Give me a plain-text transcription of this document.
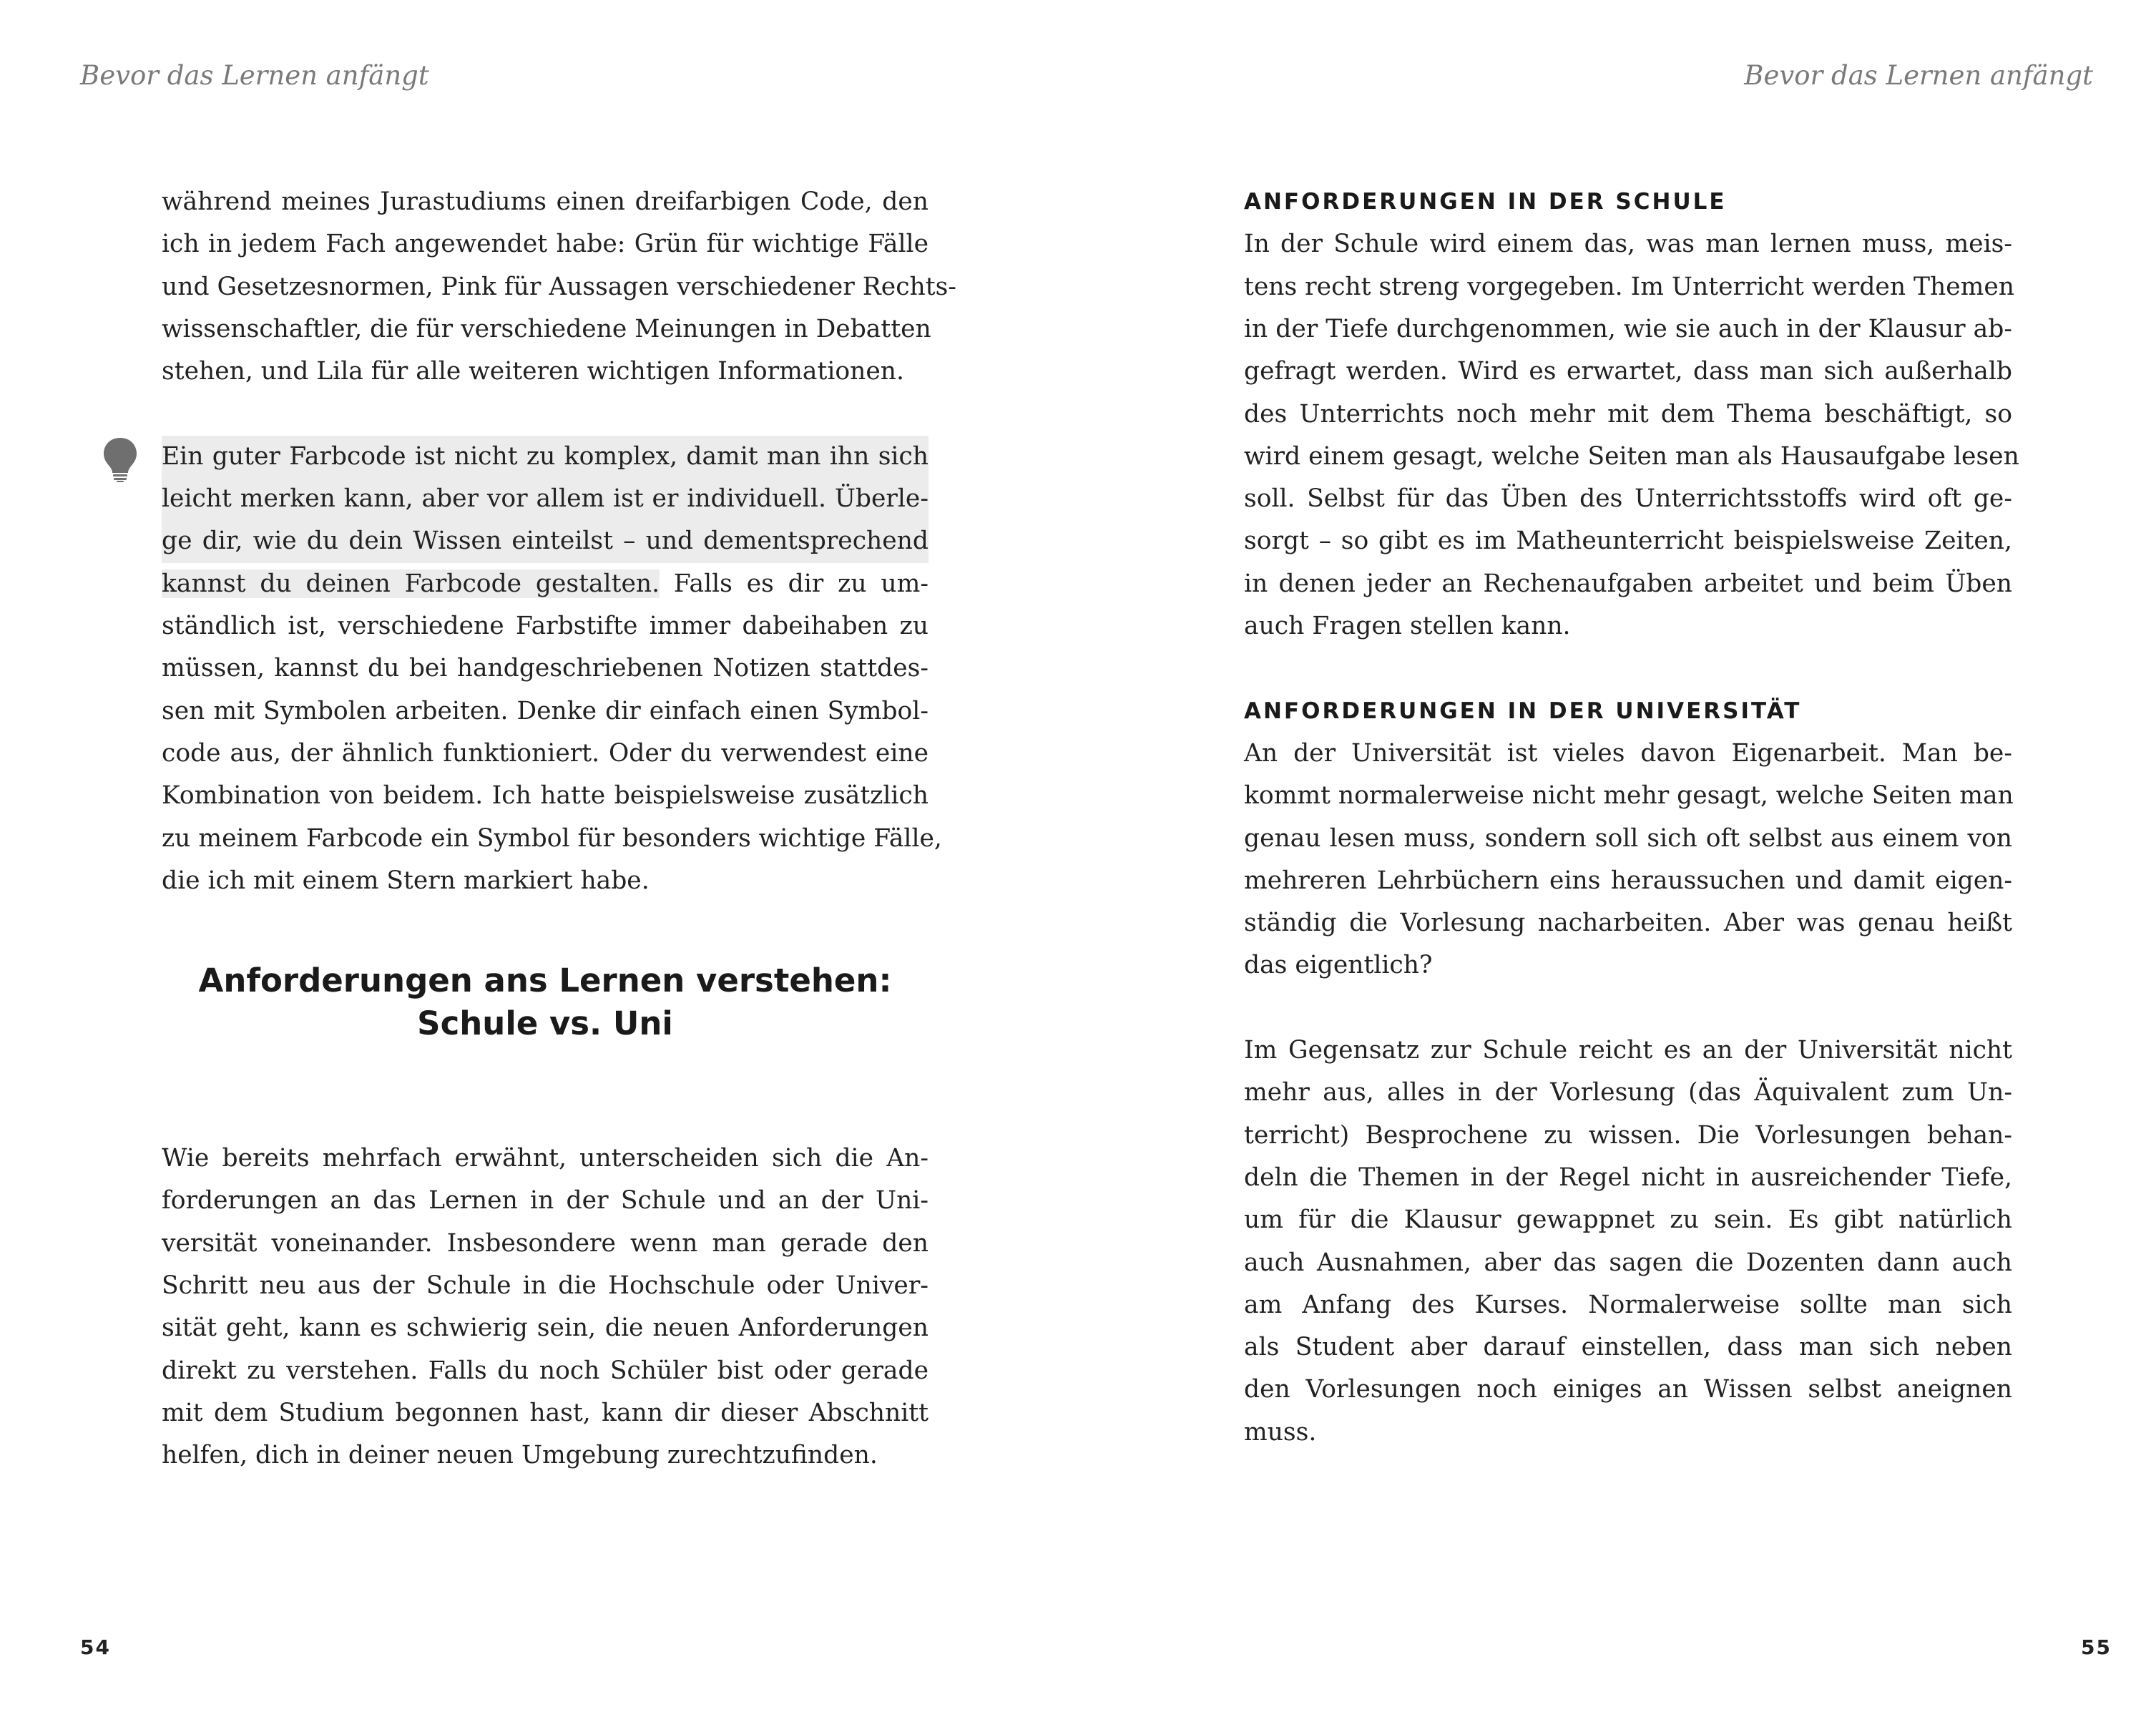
Bevor das Lernen anfängt
während meines Jurastudiums einen dreifarbigen Code, den
ich in jedem Fach angewendet habe: Grün für wichtige Fälle
und Gesetzesnormen, Pink für Aussagen verschiedener Rechts-
wissenschaftler, die für verschiedene Meinungen in Debatten
stehen, und Lila für alle weiteren wichtigen Informationen.
Ein guter Farbcode ist nicht zu komplex, damit man ihn sich
leicht merken kann, aber vor allem ist er individuell. Überle-
ge dir, wie du dein Wissen einteilst – und dementsprechend
kannst du deinen Farbcode gestalten. Falls es dir zu um-
ständlich ist, verschiedene Farbstifte immer dabeihaben zu
müssen, kannst du bei handgeschriebenen Notizen stattdes-
sen mit Symbolen arbeiten. Denke dir einfach einen Symbol-
code aus, der ähnlich funktioniert. Oder du verwendest eine
Kombination von beidem. Ich hatte beispielsweise zusätzlich
zu meinem Farbcode ein Symbol für besonders wichtige Fälle,
die ich mit einem Stern markiert habe.
Anforderungen ans Lernen verstehen:
Schule vs. Uni
Wie bereits mehrfach erwähnt, unterscheiden sich die An-
forderungen an das Lernen in der Schule und an der Uni-
versität voneinander. Insbesondere wenn man gerade den
Schritt neu aus der Schule in die Hochschule oder Univer-
sität geht, kann es schwierig sein, die neuen Anforderungen
direkt zu verstehen. Falls du noch Schüler bist oder gerade
mit dem Studium begonnen hast, kann dir dieser Abschnitt
helfen, dich in deiner neuen Umgebung zurechtzufinden.
54
Bevor das Lernen anfängt
ANFORDERUNGEN IN DER SCHULE
In der Schule wird einem das, was man lernen muss, meis-
tens recht streng vorgegeben. Im Unterricht werden Themen
in der Tiefe durchgenommen, wie sie auch in der Klausur ab-
gefragt werden. Wird es erwartet, dass man sich außerhalb
des Unterrichts noch mehr mit dem Thema beschäftigt, so
wird einem gesagt, welche Seiten man als Hausaufgabe lesen
soll. Selbst für das Üben des Unterrichtsstoffs wird oft ge-
sorgt – so gibt es im Matheunterricht beispielsweise Zeiten,
in denen jeder an Rechenaufgaben arbeitet und beim Üben
auch Fragen stellen kann.
ANFORDERUNGEN IN DER UNIVERSITÄT
An der Universität ist vieles davon Eigenarbeit. Man be-
kommt normalerweise nicht mehr gesagt, welche Seiten man
genau lesen muss, sondern soll sich oft selbst aus einem von
mehreren Lehrbüchern eins heraussuchen und damit eigen-
ständig die Vorlesung nacharbeiten. Aber was genau heißt
das eigentlich?
Im Gegensatz zur Schule reicht es an der Universität nicht
mehr aus, alles in der Vorlesung (das Äquivalent zum Un-
terricht) Besprochene zu wissen. Die Vorlesungen behan-
deln die Themen in der Regel nicht in ausreichender Tiefe,
um für die Klausur gewappnet zu sein. Es gibt natürlich
auch Ausnahmen, aber das sagen die Dozenten dann auch
am Anfang des Kurses. Normalerweise sollte man sich
als Student aber darauf einstellen, dass man sich neben
den Vorlesungen noch einiges an Wissen selbst aneignen
muss.
55
